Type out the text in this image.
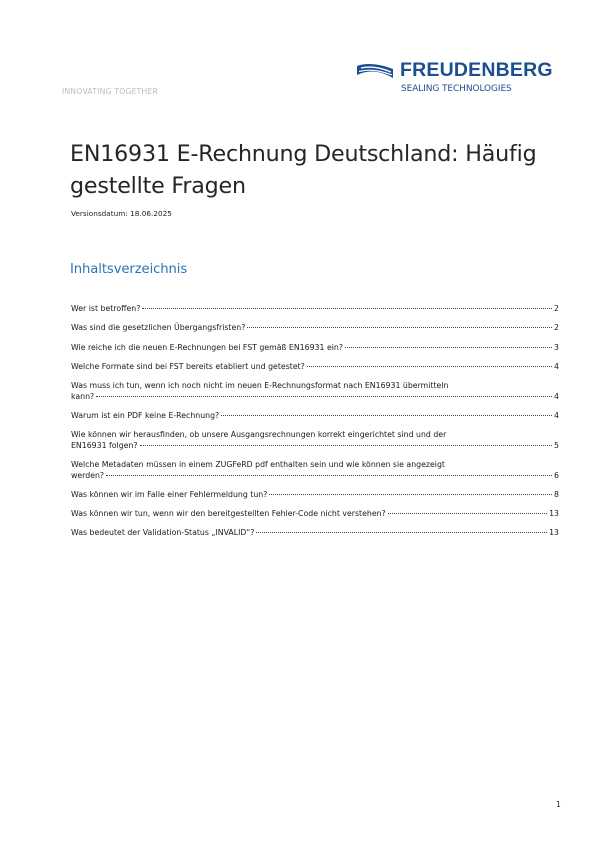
INNOVATING TOGETHER
FREUDENBERG
SEALING TECHNOLOGIES
EN16931 E-Rechnung Deutschland: Häufig gestellte Fragen
Versionsdatum: 18.06.2025
Inhaltsverzeichnis
Wer ist betroffen?	2
Was sind die gesetzlichen Übergangsfristen?	2
Wie reiche ich die neuen E-Rechnungen bei FST gemäß EN16931 ein?	3
Welche Formate sind bei FST bereits etabliert und getestet?	4
Was muss ich tun, wenn ich noch nicht im neuen E-Rechnungsformat nach EN16931 übermitteln
kann?	4
Warum ist ein PDF keine E-Rechnung?	4
Wie können wir herausfinden, ob unsere Ausgangsrechnungen korrekt eingerichtet sind und der
EN16931 folgen?	5
Welche Metadaten müssen in einem ZUGFeRD pdf enthalten sein und wie können sie angezeigt
werden?	6
Was können wir im Falle einer Fehlermeldung tun?	8
Was können wir tun, wenn wir den bereitgestellten Fehler-Code nicht verstehen?	13
Was bedeutet der Validation-Status „INVALID“?	13
1
